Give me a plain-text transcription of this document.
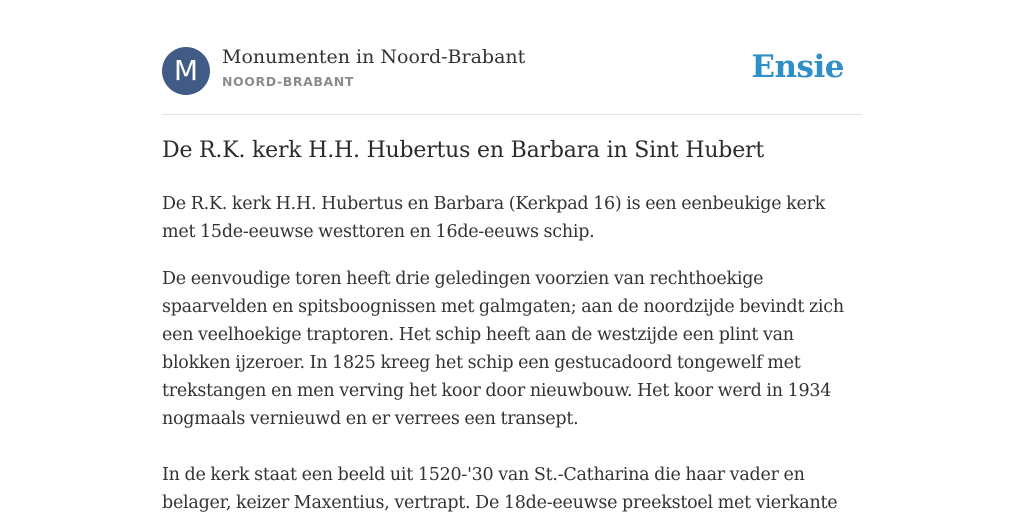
M	Monumenten in Noord-Brabant
NOORD-BRABANT	Ensie
De R.K. kerk H.H. Hubertus en Barbara in Sint Hubert

De R.K. kerk H.H. Hubertus en Barbara (Kerkpad 16) is een eenbeukige kerk met 15de-eeuwse westtoren en 16de-eeuws schip.

De eenvoudige toren heeft drie geledingen voorzien van rechthoekige spaarvelden en spitsboognissen met galmgaten; aan de noordzijde bevindt zich een veelhoekige traptoren. Het schip heeft aan de westzijde een plint van blokken ijzeroer. In 1825 kreeg het schip een gestucadoord tongewelf met trekstangen en men verving het koor door nieuwbouw. Het koor werd in 1934 nogmaals vernieuwd en er verrees een transept.

In de kerk staat een beeld uit 1520-'30 van St.-Catharina die haar vader en belager, keizer Maxentius, vertrapt. De 18de-eeuwse preekstoel met vierkante
